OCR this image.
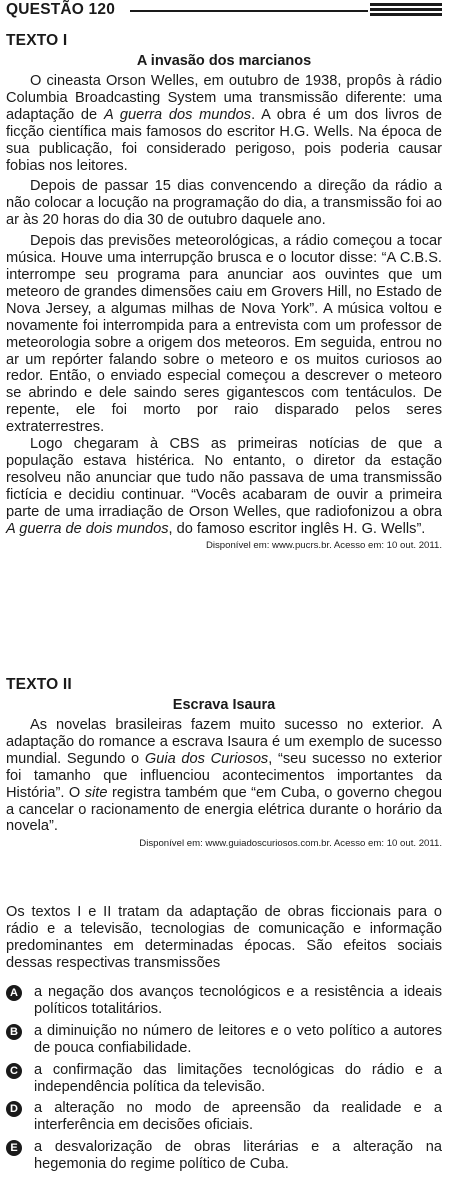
QUESTÃO 120
TEXTO I
A invasão dos marcianos

O cineasta Orson Welles, em outubro de 1938, propôs à rádio Columbia Broadcasting System uma transmissão diferente: uma adaptação de A guerra dos mundos. A obra é um dos livros de ficção científica mais famosos do escritor H.G. Wells. Na época de sua publicação, foi considerado perigoso, pois poderia causar fobias nos leitores.

Depois de passar 15 dias convencendo a direção da rádio a não colocar a locução na programação do dia, a transmissão foi ao ar às 20 horas do dia 30 de outubro daquele ano.

Depois das previsões meteorológicas, a rádio começou a tocar música. Houve uma interrupção brusca e o locutor disse: “A C.B.S. interrompe seu programa para anunciar aos ouvintes que um meteoro de grandes dimensões caiu em Grovers Hill, no Estado de Nova Jersey, a algumas milhas de Nova York”. A música voltou e novamente foi interrompida para a entrevista com um professor de meteorologia sobre a origem dos meteoros. Em seguida, entrou no ar um repórter falando sobre o meteoro e os muitos curiosos ao redor. Então, o enviado especial começou a descrever o meteoro se abrindo e dele saindo seres gigantescos com tentáculos. De repente, ele foi morto por raio disparado pelos seres extraterrestres.

Logo chegaram à CBS as primeiras notícias de que a população estava histérica. No entanto, o diretor da estação resolveu não anunciar que tudo não passava de uma transmissão fictícia e decidiu continuar. “Vocês acabaram de ouvir a primeira parte de uma irradiação de Orson Welles, que radiofonizou a obra A guerra de dois mundos, do famoso escritor inglês H. G. Wells”.

Disponível em: www.pucrs.br. Acesso em: 10 out. 2011.
TEXTO II
Escrava Isaura

As novelas brasileiras fazem muito sucesso no exterior. A adaptação do romance a escrava Isaura é um exemplo de sucesso mundial. Segundo o Guia dos Curiosos, “seu sucesso no exterior foi tamanho que influenciou acontecimentos importantes da História”. O site registra também que “em Cuba, o governo chegou a cancelar o racionamento de energia elétrica durante o horário da novela”.

Disponível em: www.guiadoscuriosos.com.br. Acesso em: 10 out. 2011.

Os textos I e II tratam da adaptação de obras ficcionais para o rádio e a televisão, tecnologias de comunicação e informação predominantes em determinadas épocas. São efeitos sociais dessas respectivas transmissões

A a negação dos avanços tecnológicos e a resistência a ideais políticos totalitários.
B a diminuição no número de leitores e o veto político a autores de pouca confiabilidade.
C a confirmação das limitações tecnológicas do rádio e a independência política da televisão.
D a alteração no modo de apreensão da realidade e a interferência em decisões oficiais.
E a desvalorização de obras literárias e a alteração na hegemonia do regime político de Cuba.
